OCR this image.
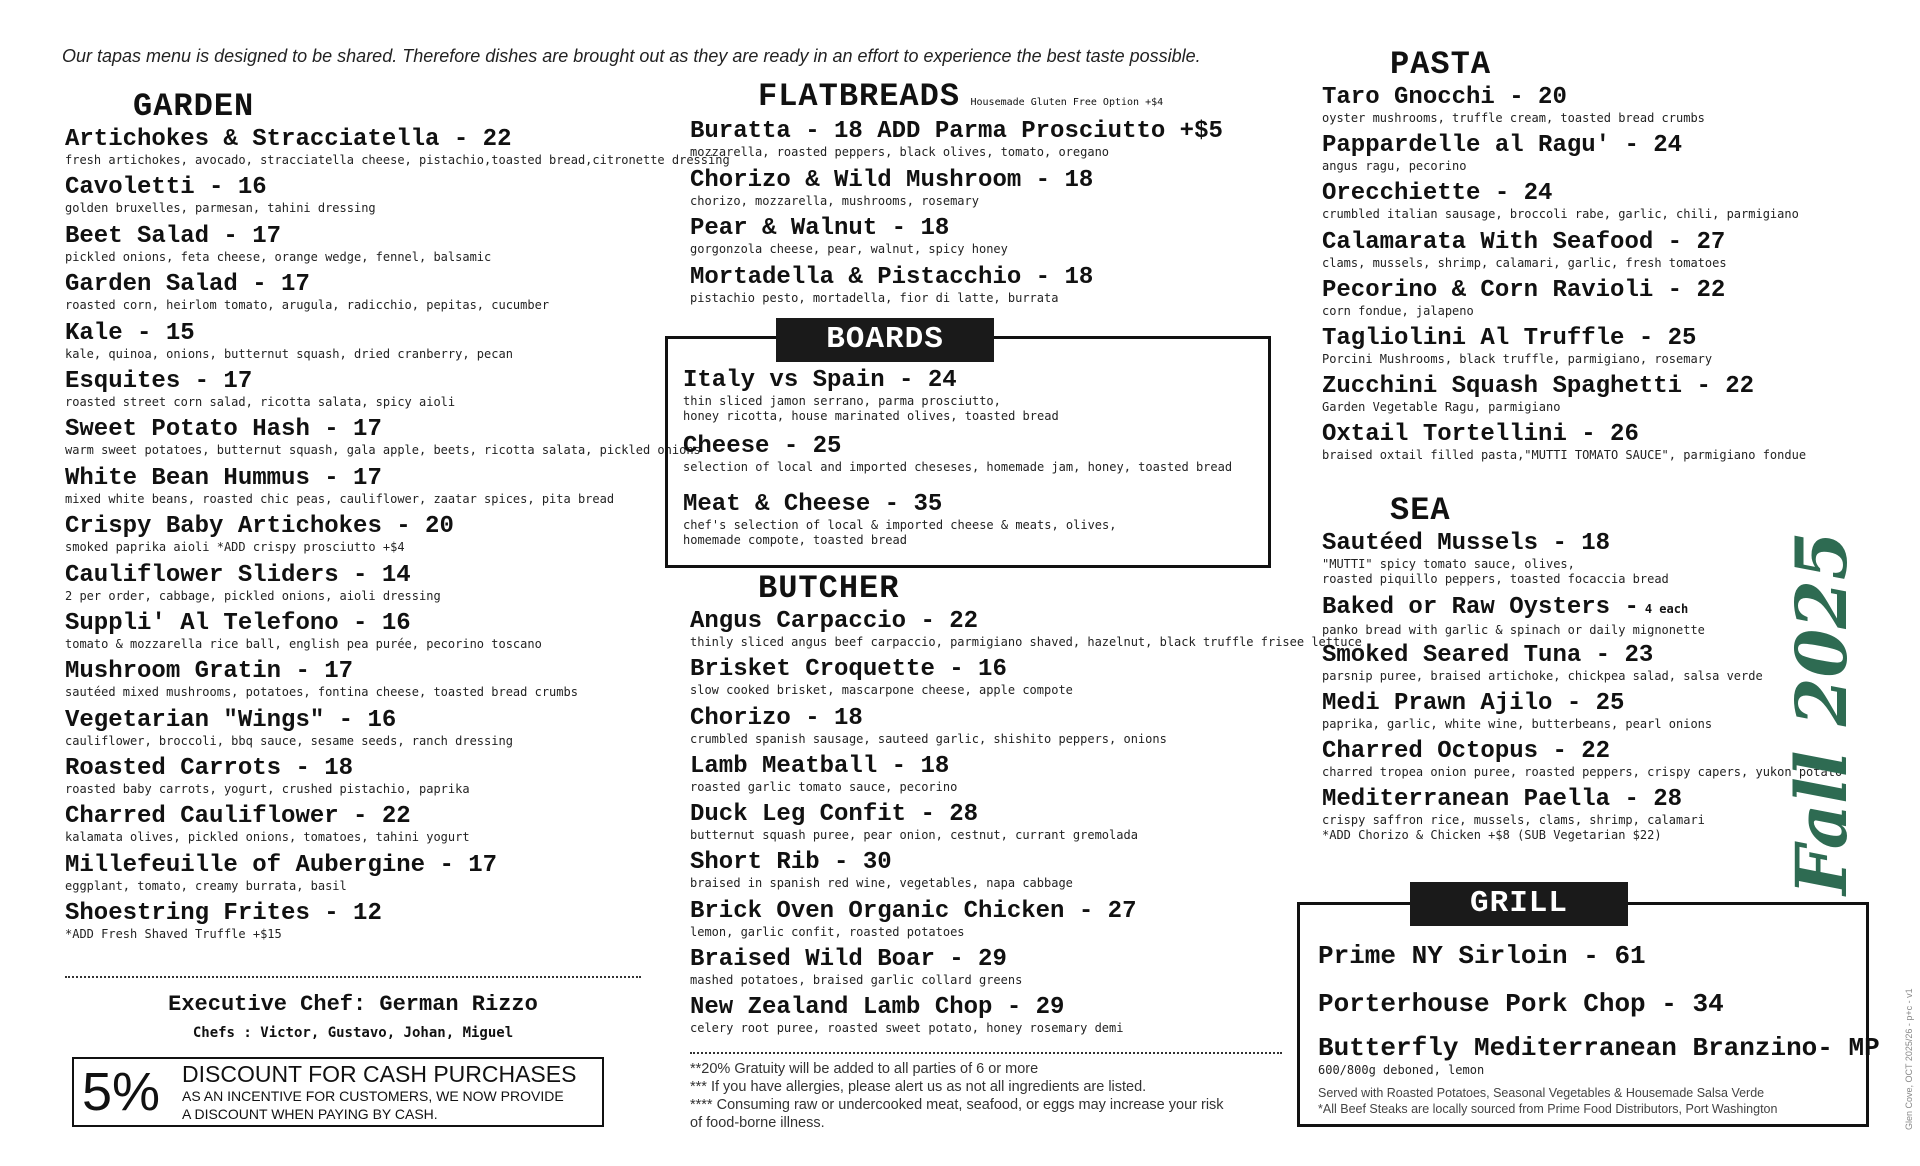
Our tapas menu is designed to be shared. Therefore dishes are brought out as they are ready in an effort to experience the best taste possible.
GARDEN
Artichokes & Stracciatella - 22
fresh artichokes, avocado, stracciatella cheese, pistachio,toasted bread,citronette dressing
Cavoletti - 16
golden bruxelles, parmesan, tahini dressing
Beet Salad - 17
pickled onions, feta cheese, orange wedge, fennel, balsamic
Garden Salad - 17
roasted corn, heirlom tomato, arugula, radicchio, pepitas, cucumber
Kale - 15
kale, quinoa, onions, butternut squash, dried cranberry, pecan
Esquites - 17
roasted street corn salad, ricotta salata, spicy aioli
Sweet Potato Hash - 17
warm sweet potatoes, butternut squash, gala apple, beets, ricotta salata, pickled onions
White Bean Hummus - 17
mixed white beans, roasted chic peas, cauliflower, zaatar spices, pita bread
Crispy Baby Artichokes - 20
smoked paprika aioli *ADD crispy prosciutto +$4
Cauliflower Sliders - 14
2 per order, cabbage, pickled onions, aioli dressing
Suppli' Al Telefono - 16
tomato & mozzarella rice ball, english pea purée, pecorino toscano
Mushroom Gratin - 17
sautéed mixed mushrooms, potatoes, fontina cheese, toasted bread crumbs
Vegetarian "Wings" - 16
cauliflower, broccoli, bbq sauce, sesame seeds, ranch dressing
Roasted Carrots - 18
roasted baby carrots, yogurt, crushed pistachio, paprika
Charred Cauliflower - 22
kalamata olives, pickled onions, tomatoes, tahini yogurt
Millefeuille of Aubergine - 17
eggplant, tomato, creamy burrata, basil
Shoestring Frites - 12
*ADD Fresh Shaved Truffle +$15
Executive Chef: German Rizzo
Chefs : Victor, Gustavo, Johan, Miguel
5% DISCOUNT FOR CASH PURCHASES
AS AN INCENTIVE FOR CUSTOMERS, WE NOW PROVIDE
A DISCOUNT WHEN PAYING BY CASH.
FLATBREADS Housemade Gluten Free Option +$4
Buratta - 18 ADD Parma Prosciutto +$5
mozzarella, roasted peppers, black olives, tomato, oregano
Chorizo & Wild Mushroom - 18
chorizo, mozzarella, mushrooms, rosemary
Pear & Walnut - 18
gorgonzola cheese, pear, walnut, spicy honey
Mortadella & Pistacchio - 18
pistachio pesto, mortadella, fior di latte, burrata
Italy vs Spain - 24
thin sliced jamon serrano, parma prosciutto,
honey ricotta, house marinated olives, toasted bread
Cheese - 25
selection of local and imported cheseses, homemade jam, honey, toasted bread
Meat & Cheese - 35
chef's selection of local & imported cheese & meats, olives,
homemade compote, toasted bread
BOARDS
BUTCHER
Angus Carpaccio - 22
thinly sliced angus beef carpaccio, parmigiano shaved, hazelnut, black truffle frisee lettuce
Brisket Croquette - 16
slow cooked brisket, mascarpone cheese, apple compote
Chorizo - 18
crumbled spanish sausage, sauteed garlic, shishito peppers, onions
Lamb Meatball - 18
roasted garlic tomato sauce, pecorino
Duck Leg Confit - 28
butternut squash puree, pear onion, cestnut, currant gremolada
Short Rib - 30
braised in spanish red wine, vegetables, napa cabbage
Brick Oven Organic Chicken - 27
lemon, garlic confit, roasted potatoes
Braised Wild Boar - 29
mashed potatoes, braised garlic collard greens
New Zealand Lamb Chop - 29
celery root puree, roasted sweet potato, honey rosemary demi
**20% Gratuity will be added to all parties of 6 or more
*** If you have allergies, please alert us as not all ingredients are listed.
**** Consuming raw or undercooked meat, seafood, or eggs may increase your risk
of food-borne illness.
PASTA
Taro Gnocchi - 20
oyster mushrooms, truffle cream, toasted bread crumbs
Pappardelle al Ragu' - 24
angus ragu, pecorino
Orecchiette - 24
crumbled italian sausage, broccoli rabe, garlic, chili, parmigiano
Calamarata With Seafood - 27
clams, mussels, shrimp, calamari, garlic, fresh tomatoes
Pecorino & Corn Ravioli - 22
corn fondue, jalapeno
Tagliolini Al Truffle - 25
Porcini Mushrooms, black truffle, parmigiano, rosemary
Zucchini Squash Spaghetti - 22
Garden Vegetable Ragu, parmigiano
Oxtail Tortellini - 26
braised oxtail filled pasta,"MUTTI TOMATO SAUCE", parmigiano fondue
SEA
Sautéed Mussels - 18
"MUTTI" spicy tomato sauce, olives,
roasted piquillo peppers, toasted focaccia bread
Baked or Raw Oysters - 4 each
panko bread with garlic & spinach or daily mignonette
Smoked Seared Tuna - 23
parsnip puree, braised artichoke, chickpea salad, salsa verde
Medi Prawn Ajilo - 25
paprika, garlic, white wine, butterbeans, pearl onions
Charred Octopus - 22
charred tropea onion puree, roasted peppers, crispy capers, yukon potato
Mediterranean Paella - 28
crispy saffron rice, mussels, clams, shrimp, calamari
*ADD Chorizo & Chicken +$8 (SUB Vegetarian $22)
Prime NY Sirloin - 61
Porterhouse Pork Chop - 34
Butterfly Mediterranean Branzino- MP
600/800g deboned, lemon
Served with Roasted Potatoes, Seasonal Vegetables & Housemade Salsa Verde
*All Beef Steaks are locally sourced from Prime Food Distributors, Port Washington
GRILL
Fall 2025
Glen Cove, OCT 2025/26 - p+c - v1
